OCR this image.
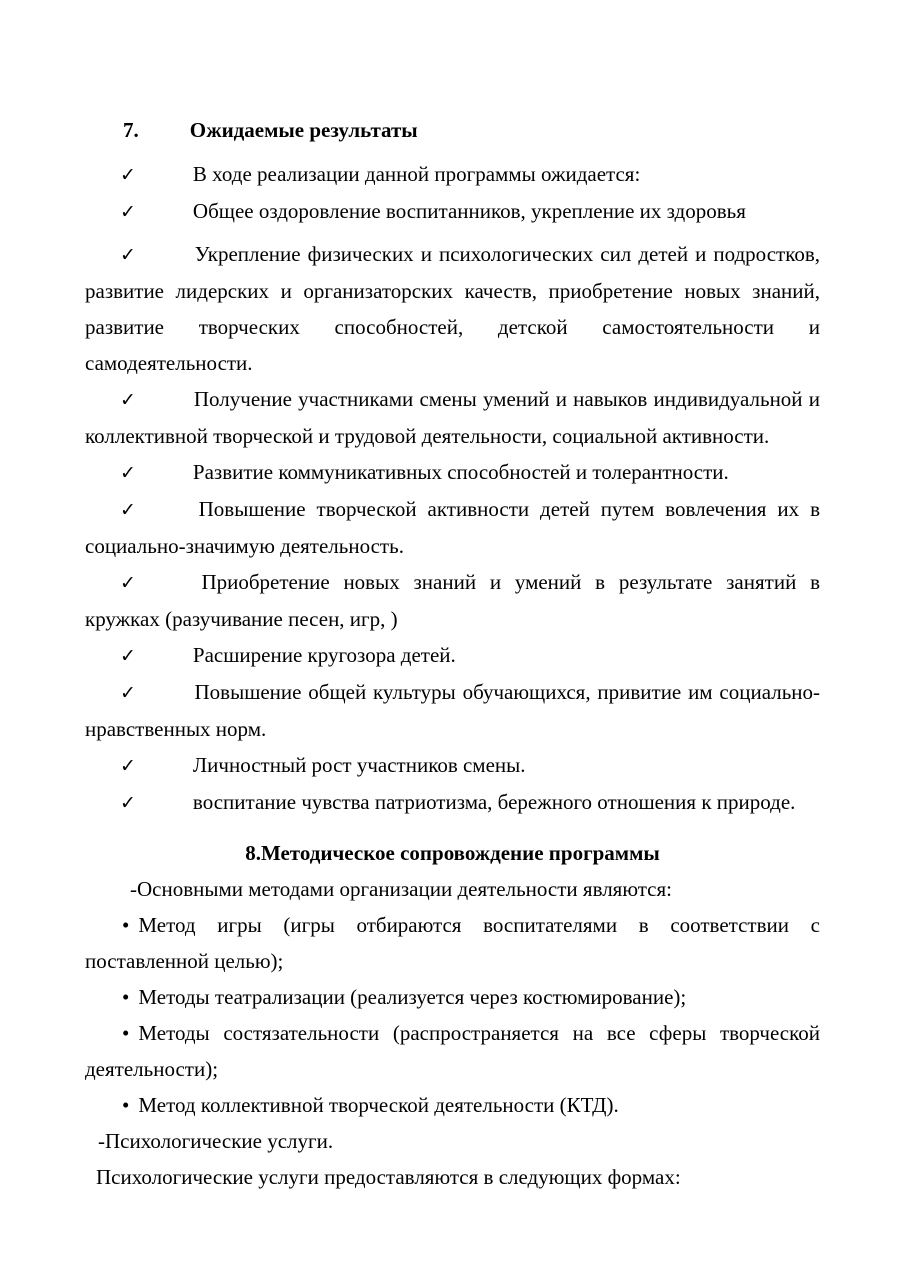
7. Ожидаемые результаты

✓	В ходе реализации данной программы ожидается:

✓	Общее оздоровление воспитанников, укрепление их здоровья

✓	Укрепление физических и психологических сил детей и подростков, развитие лидерских и организаторских качеств, приобретение новых знаний, развитие творческих способностей, детской самостоятельности и самодеятельности.

✓	Получение участниками смены умений и навыков индивидуальной и коллективной творческой и трудовой деятельности, социальной активности.

✓	Развитие коммуникативных способностей и толерантности.

✓	Повышение творческой активности детей путем вовлечения их в социально-значимую деятельность.

✓	Приобретение новых знаний и умений в результате занятий в кружках (разучивание песен, игр, )

✓	Расширение кругозора детей.

✓	Повышение общей культуры обучающихся, привитие им социально-нравственных норм.

✓	Личностный рост участников смены.

✓	воспитание чувства патриотизма, бережного отношения к природе.

8.Методическое сопровождение программы

-Основными методами организации деятельности являются:

• Метод игры (игры отбираются воспитателями в соответствии с поставленной целью);

• Методы театрализации (реализуется через костюмирование);

• Методы состязательности (распространяется на все сферы творческой деятельности);

• Метод коллективной творческой деятельности (КТД).

-Психологические услуги.

Психологические услуги предоставляются в следующих формах:
